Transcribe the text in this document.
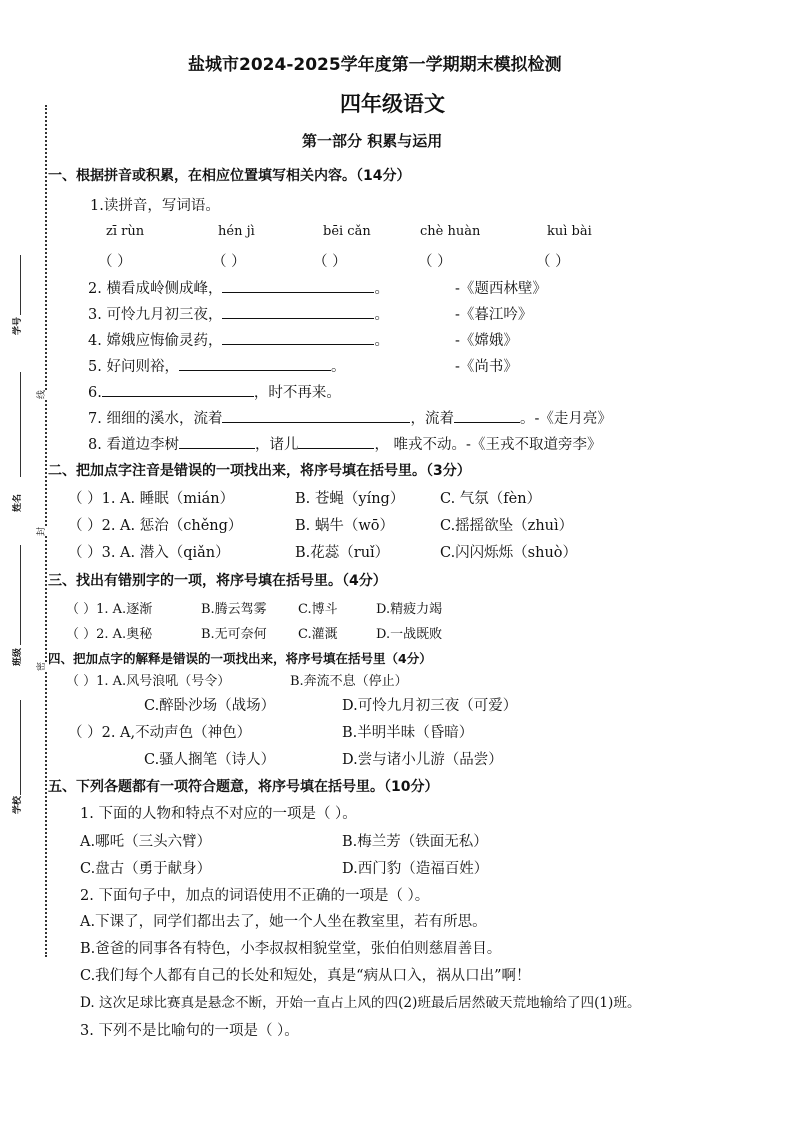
线
封
密
学号
姓名
班级
学校
盐城市2024-2025学年度第一学期期末模拟检测
四年级语文
第一部分 积累与运用
一、根据拼音或积累，在相应位置填写相关内容。（14分）
1.读拼音，写词语。
zī rùn	hén jì	bēi cǎn	chè huàn	kuì bài
（ ）	（ ）	（ ）	（ ）	（ ）
2. 横看成岭侧成峰，	。	-《题西林壁》
3. 可怜九月初三夜，	。	-《暮江吟》
4. 嫦娥应悔偷灵药，	。	-《嫦娥》
5. 好问则裕，	。	-《尚书》
6.	，时不再来。
7. 细细的溪水，流着	，流着	。-《走月亮》
8. 看道边李树	，诸儿	， 唯戎不动。-《王戎不取道旁李》
二、把加点字注音是错误的一项找出来，将序号填在括号里。（3分）
（ ）1. A. 睡眠（mián）	B. 苍蝇（yíng） C. 气氛（fèn）
（ ）2. A. 惩治（chěng）	B. 蜗牛（wō）	C.摇摇欲坠（zhuì）
（ ）3. A. 潜入（qiǎn）	B.花蕊（ruǐ）	C.闪闪烁烁（shuò）
三、找出有错别字的一项，将序号填在括号里。（4分）
（ ）1. A.逐渐	B.腾云驾雾 C.博斗	D.精疲力竭
（ ）2. A.奥秘	B.无可奈何 C.灌溉	D.一战既败
四、把加点字的解释是错误的一项找出来，将序号填在括号里（4分）
（ ）1. A.风号浪吼（号令）	B.奔流不息（停止）
C.醉卧沙场（战场）	D.可怜九月初三夜（可爱）
（ ）2. A,不动声色（神色）	B.半明半昧（昏暗）
C.骚人搁笔（诗人）	D.尝与诸小儿游（品尝）
五、下列各题都有一项符合题意，将序号填在括号里。（10分）
1. 下面的人物和特点不对应的一项是（ ）。
A.哪吒（三头六臂）	B.梅兰芳（铁面无私）
C.盘古（勇于献身）	D.西门豹（造福百姓）
2. 下面句子中，加点的词语使用不正确的一项是（ ）。
A.下课了，同学们都出去了，她一个人坐在教室里，若有所思。
B.爸爸的同事各有特色，小李叔叔相貌堂堂，张伯伯则慈眉善目。
C.我们每个人都有自己的长处和短处，真是“病从口入，祸从口出”啊！
D. 这次足球比赛真是悬念不断，开始一直占上风的四(2)班最后居然破天荒地输给了四(1)班。
3. 下列不是比喻句的一项是（ ）。
